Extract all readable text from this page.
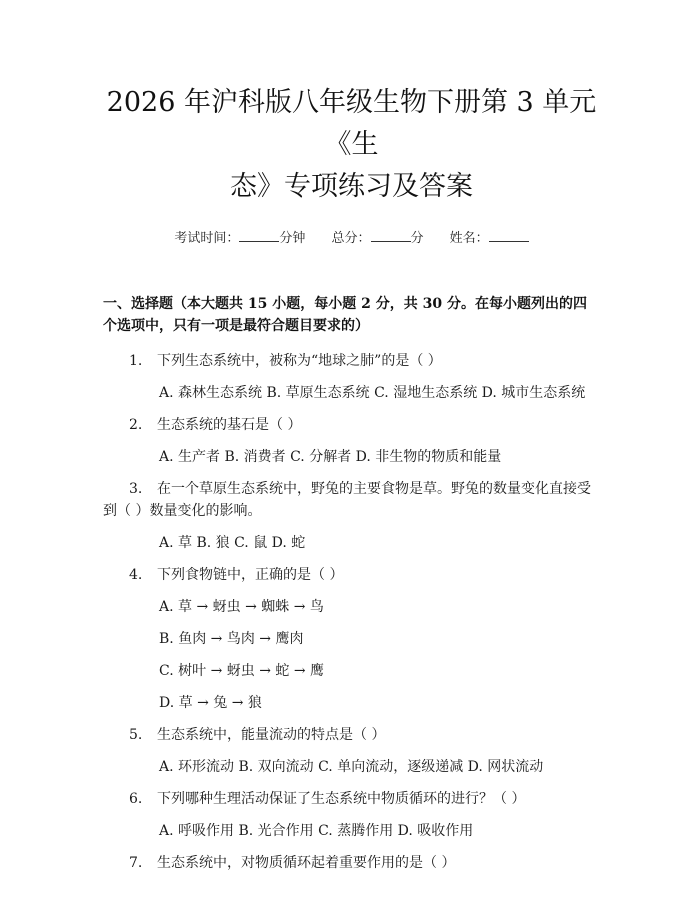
2026 年沪科版八年级生物下册第 3 单元《生
态》专项练习及答案
考试时间：	分钟 总分：	分 姓名：
一、选择题（本大题共 15 小题，每小题 2 分，共 30 分。在每小题列出的四个选项中，只有一项是最符合题目要求的）

1. 下列生态系统中，被称为“地球之肺”的是（ ）

A. 森林生态系统 B. 草原生态系统 C. 湿地生态系统 D. 城市生态系统

2. 生态系统的基石是（ ）

A. 生产者 B. 消费者 C. 分解者 D. 非生物的物质和能量

3. 在一个草原生态系统中，野兔的主要食物是草。野兔的数量变化直接受到（ ）数量变化的影响。

A. 草 B. 狼 C. 鼠 D. 蛇

4. 下列食物链中，正确的是（ ）

A. 草 → 蚜虫 → 蜘蛛 → 鸟

B. 鱼肉 → 鸟肉 → 鹰肉

C. 树叶 → 蚜虫 → 蛇 → 鹰

D. 草 → 兔 → 狼

5. 生态系统中，能量流动的特点是（ ）

A. 环形流动 B. 双向流动 C. 单向流动，逐级递减 D. 网状流动

6. 下列哪种生理活动保证了生态系统中物质循环的进行？（ ）

A. 呼吸作用 B. 光合作用 C. 蒸腾作用 D. 吸收作用

7. 生态系统中，对物质循环起着重要作用的是（ ）
